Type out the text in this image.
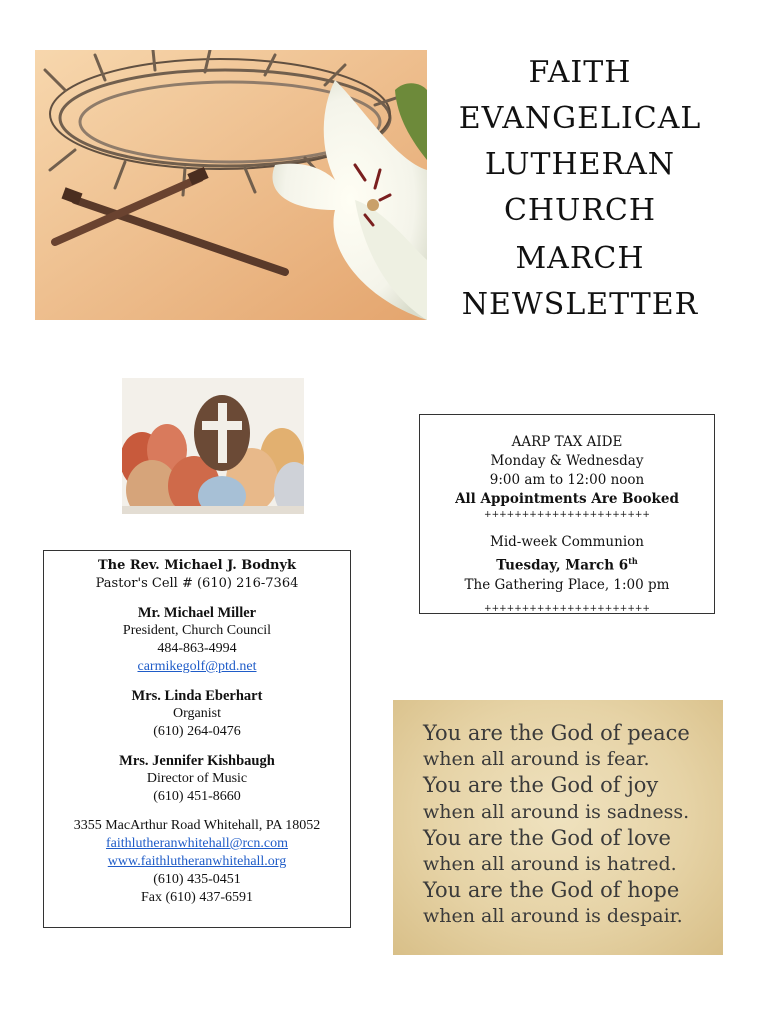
FAITH
EVANGELICAL
LUTHERAN
CHURCH
MARCH
NEWSLETTER
AARP TAX AIDE
Monday & Wednesday
9:00 am to 12:00 noon
All Appointments Are Booked
++++++++++++++++++++++
Mid-week Communion
Tuesday, March 6th
The Gathering Place, 1:00 pm
++++++++++++++++++++++
The Rev. Michael J. Bodnyk
Pastor's Cell # (610) 216-7364
Mr. Michael Miller
President, Church Council
484-863-4994
carmikegolf@ptd.net
Mrs. Linda Eberhart
Organist
(610) 264-0476
Mrs. Jennifer Kishbaugh
Director of Music
(610) 451-8660
3355 MacArthur Road Whitehall, PA 18052
faithlutheranwhitehall@rcn.com
www.faithlutheranwhitehall.org
(610) 435-0451
Fax (610) 437-6591
You are the God of peace
when all around is fear.
You are the God of joy
when all around is sadness.
You are the God of love
when all around is hatred.
You are the God of hope
when all around is despair.
